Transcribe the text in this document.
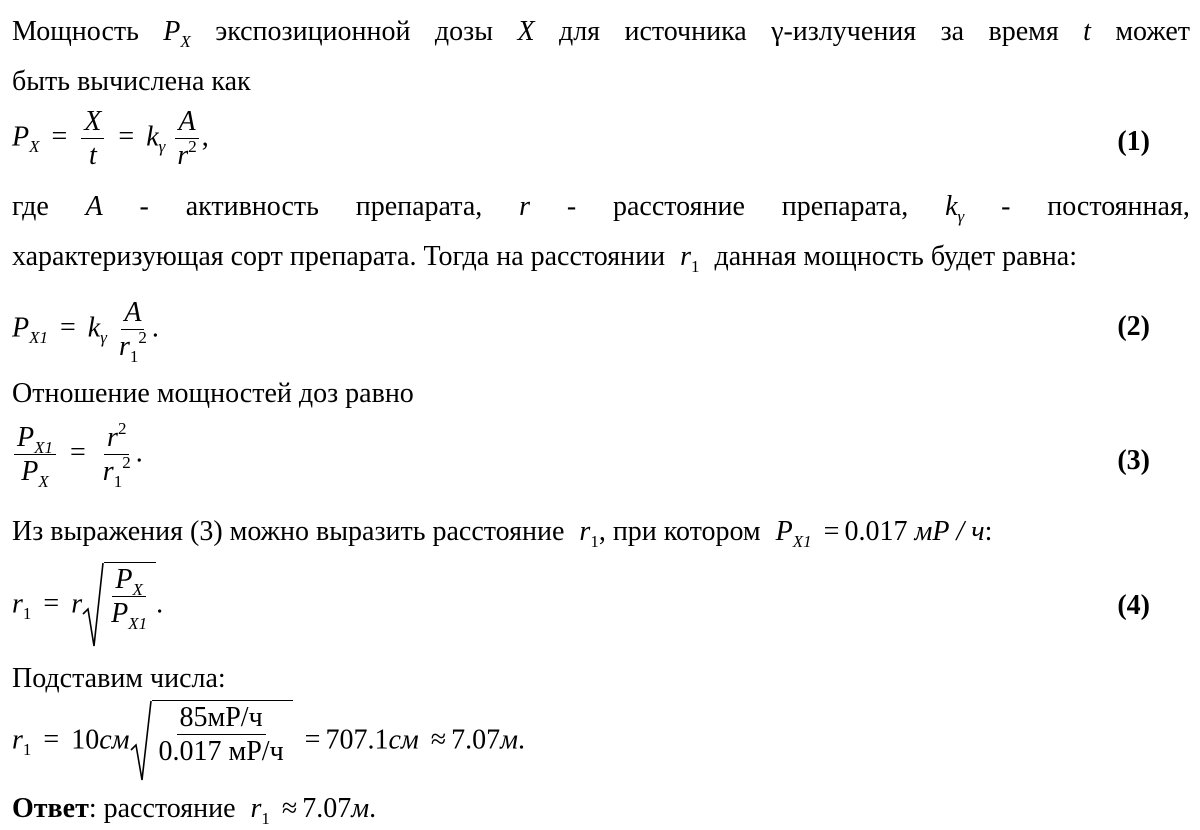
Мощность $P_X$ экспозиционной дозы X для источника γ-излучения за время t может
быть вычислена как
$P_X = \frac{X}{t} = k_\gamma \frac{A}{r^2}$ ,	(1)
где A - активность препарата, r - расстояние препарата, $k_\gamma$ - постоянная,
характеризующая сорт препарата. Тогда на расстоянии $r_1$ данная мощность будет равна:
$P_{X1} = k_\gamma \frac{A}{r_1^2}$ .	(2)
Отношение мощностей доз равно
$\frac{P_{X1}}{P_X} = \frac{r^2}{r_1^2}$ .	(3)
Из выражения (3) можно выразить расстояние $r_1$, при котором $P_{X1} = 0.017$ мР / ч:
$r_1 = r \frac{P_X}{P_{X1}}$ .	(4)
Подставим числа:
$r_1 = 10см \frac{85мР/ч}{0.017 мР/ч} = 707.1см \approx 7.07м$.
Ответ: расстояние $r_1 \approx 7.07м$.
